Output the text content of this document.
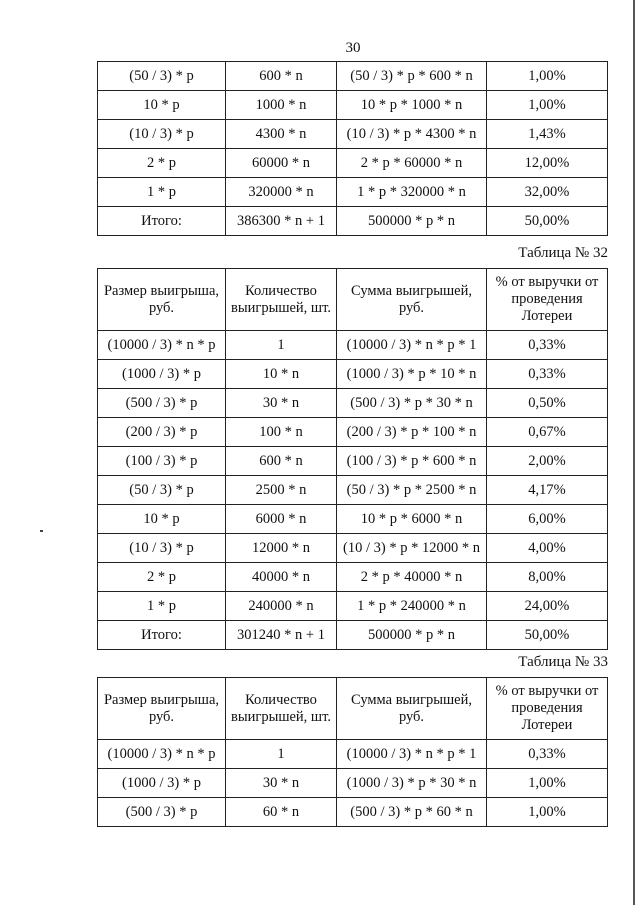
30
(50 / 3) * p	600 * n	(50 / 3) * p * 600 * n	1,00%
10 * p	1000 * n	10 * p * 1000 * n	1,00%
(10 / 3) * p	4300 * n	(10 / 3) * p * 4300 * n	1,43%
2 * p	60000 * n	2 * p * 60000 * n	12,00%
1 * p	320000 * n	1 * p * 320000 * n	32,00%
Итого:	386300 * n + 1	500000 * p * n	50,00%
Таблица № 32
Размер выигрыша, руб.	Количество выигрышей, шт.	Сумма выигрышей, руб.	% от выручки от проведения Лотереи
(10000 / 3) * n * p	1	(10000 / 3) * n * p * 1	0,33%
(1000 / 3) * p	10 * n	(1000 / 3) * p * 10 * n	0,33%
(500 / 3) * p	30 * n	(500 / 3) * p * 30 * n	0,50%
(200 / 3) * p	100 * n	(200 / 3) * p * 100 * n	0,67%
(100 / 3) * p	600 * n	(100 / 3) * p * 600 * n	2,00%
(50 / 3) * p	2500 * n	(50 / 3) * p * 2500 * n	4,17%
10 * p	6000 * n	10 * p * 6000 * n	6,00%
(10 / 3) * p	12000 * n	(10 / 3) * p * 12000 * n	4,00%
2 * p	40000 * n	2 * p * 40000 * n	8,00%
1 * p	240000 * n	1 * p * 240000 * n	24,00%
Итого:	301240 * n + 1	500000 * p * n	50,00%
Таблица № 33
Размер выигрыша, руб.	Количество выигрышей, шт.	Сумма выигрышей, руб.	% от выручки от проведения Лотереи
(10000 / 3) * n * p	1	(10000 / 3) * n * p * 1	0,33%
(1000 / 3) * p	30 * n	(1000 / 3) * p * 30 * n	1,00%
(500 / 3) * p	60 * n	(500 / 3) * p * 60 * n	1,00%
